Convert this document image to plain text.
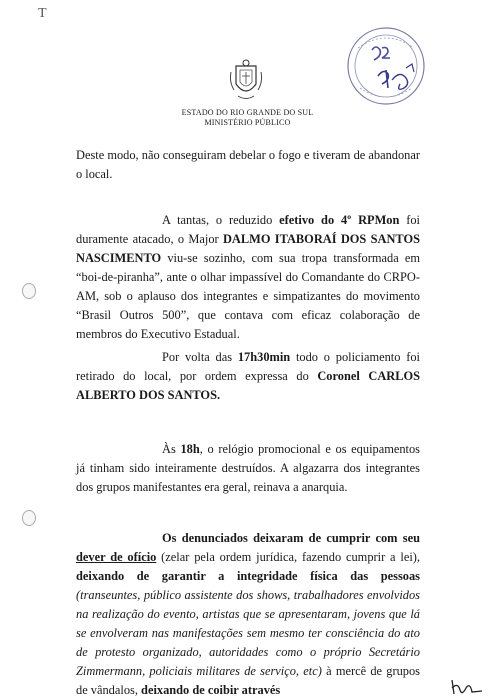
T
ESTADO DO RIO GRANDE DO SUL
MINISTÉRIO PÚBLICO
Deste modo, não conseguiram debelar o fogo e tiveram de abandonar o local.
A tantas, o reduzido efetivo do 4º RPMon foi duramente atacado, o Major DALMO ITABORAÍ DOS SANTOS NASCIMENTO viu-se sozinho, com sua tropa transformada em “boi-de-piranha”, ante o olhar impassível do Comandante do CRPO-AM, sob o aplauso dos integrantes e simpatizantes do movimento “Brasil Outros 500”, que contava com eficaz colaboração de membros do Executivo Estadual.
Por volta das 17h30min todo o policiamento foi retirado do local, por ordem expressa do Coronel CARLOS ALBERTO DOS SANTOS.
Às 18h, o relógio promocional e os equipamentos já tinham sido inteiramente destruídos. A algazarra dos integrantes dos grupos manifestantes era geral, reinava a anarquia.
Os denunciados deixaram de cumprir com seu dever de ofício (zelar pela ordem jurídica, fazendo cumprir a lei), deixando de garantir a integridade física das pessoas (transeuntes, público assistente dos shows, trabalhadores envolvidos na realização do evento, artistas que se apresentaram, jovens que lá se envolveram nas manifestações sem mesmo ter consciência do ato de protesto organizado, autoridades como o próprio Secretário Zimmermann, policiais militares de serviço, etc) à mercê de grupos de vândalos, deixando de coibir através
